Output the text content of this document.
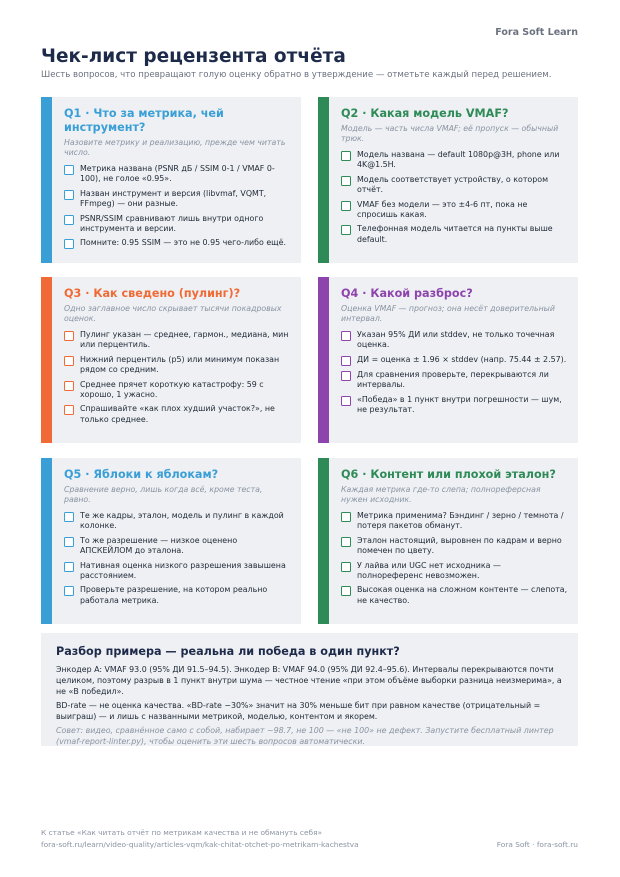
Fora Soft Learn
Чек-лист рецензента отчёта
Шесть вопросов, что превращают голую оценку обратно в утверждение — отметьте каждый перед решением.
Q1 · Что за метрика, чей инструмент?
Назовите метрику и реализацию, прежде чем читать число.
Метрика названа (PSNR дБ / SSIM 0-1 / VMAF 0-100), не голое «0.95».
Назван инструмент и версия (libvmaf, VQMT, FFmpeg) — они разные.
PSNR/SSIM сравнивают лишь внутри одного инструмента и версии.
Помните: 0.95 SSIM — это не 0.95 чего-либо ещё.
Q2 · Какая модель VMAF?
Модель — часть числа VMAF; её пропуск — обычный трюк.
Модель названа — default 1080p@3H, phone или 4K@1.5H.
Модель соответствует устройству, о котором отчёт.
VMAF без модели — это ±4-6 пт, пока не спросишь какая.
Телефонная модель читается на пункты выше default.
Q3 · Как сведено (пулинг)?
Одно заглавное число скрывает тысячи покадровых оценок.
Пулинг указан — среднее, гармон., медиана, мин или перцентиль.
Нижний перцентиль (p5) или минимум показан рядом со средним.
Среднее прячет короткую катастрофу: 59 с хорошо, 1 ужасно.
Спрашивайте «как плох худший участок?», не только среднее.
Q4 · Какой разброс?
Оценка VMAF — прогноз; она несёт доверительный интервал.
Указан 95% ДИ или stddev, не только точечная оценка.
ДИ = оценка ± 1.96 × stddev (напр. 75.44 ± 2.57).
Для сравнения проверьте, перекрываются ли интервалы.
«Победа» в 1 пункт внутри погрешности — шум, не результат.
Q5 · Яблоки к яблокам?
Сравнение верно, лишь когда всё, кроме теста, равно.
Те же кадры, эталон, модель и пулинг в каждой колонке.
То же разрешение — низкое оценено АПСКЕЙЛОМ до эталона.
Нативная оценка низкого разрешения завышена расстоянием.
Проверьте разрешение, на котором реально работала метрика.
Q6 · Контент или плохой эталон?
Каждая метрика где-то слепа; полнореферсная нужен исходник.
Метрика применима? Бэндинг / зерно / темнота / потеря пакетов обманут.
Эталон настоящий, выровнен по кадрам и верно помечен по цвету.
У лайва или UGC нет исходника — полнореференс невозможен.
Высокая оценка на сложном контенте — слепота, не качество.
Разбор примера — реальна ли победа в один пункт?

Энкодер A: VMAF 93.0 (95% ДИ 91.5–94.5). Энкодер B: VMAF 94.0 (95% ДИ 92.4–95.6). Интервалы перекрываются почти целиком, поэтому разрыв в 1 пункт внутри шума — честное чтение «при этом объёме выборки разница неизмерима», а не «В победил».

BD-rate — не оценка качества. «BD-rate −30%» значит на 30% меньше бит при равном качестве (отрицательный = выиграш) — и лишь с названными метрикой, моделью, контентом и якорем.

Совет: видео, сравнённое само с собой, набирает ~98.7, не 100 — «не 100» не дефект. Запустите бесплатный линтер (vmaf-report-linter.py), чтобы оценить эти шесть вопросов автоматически.

К статье «Как читать отчёт по метрикам качества и не обмануть себя»
fora-soft.ru/learn/video-quality/articles-vqm/kak-chitat-otchet-po-metrikam-kachestva	Fora Soft · fora-soft.ru
